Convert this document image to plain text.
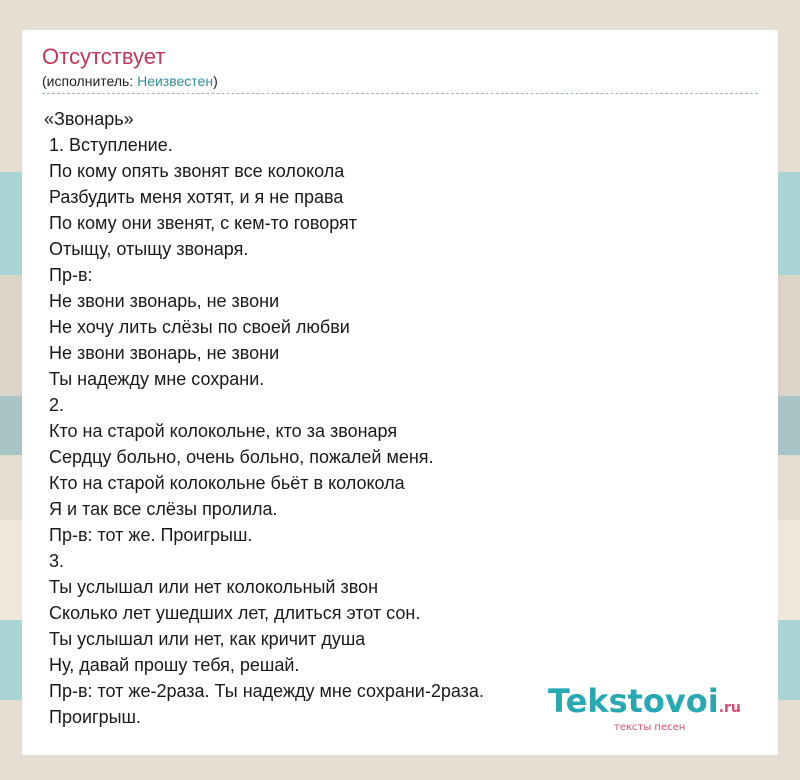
Отсутствует
(исполнитель: Неизвестен)
«Звонарь»
1. Вступление.
По кому опять звонят все колокола
Разбудить меня хотят, и я не права
По кому они звенят, с кем-то говорят
Отыщу, отыщу звонаря.
Пр-в:
Не звони звонарь, не звони
Не хочу лить слёзы по своей любви
Не звони звонарь, не звони
Ты надежду мне сохрани.
2.
Кто на старой колокольне, кто за звонаря
Сердцу больно, очень больно, пожалей меня.
Кто на старой колокольне бьёт в колокола
Я и так все слёзы пролила.
Пр-в: тот же. Проигрыш.
3.
Ты услышал или нет колокольный звон
Сколько лет ушедших лет, длиться этот сон.
Ты услышал или нет, как кричит душа
Ну, давай прошу тебя, решай.
Пр-в: тот же-2раза. Ты надежду мне сохрани-2раза.
Проигрыш.	Tekstovoi.ru
тексты песен
